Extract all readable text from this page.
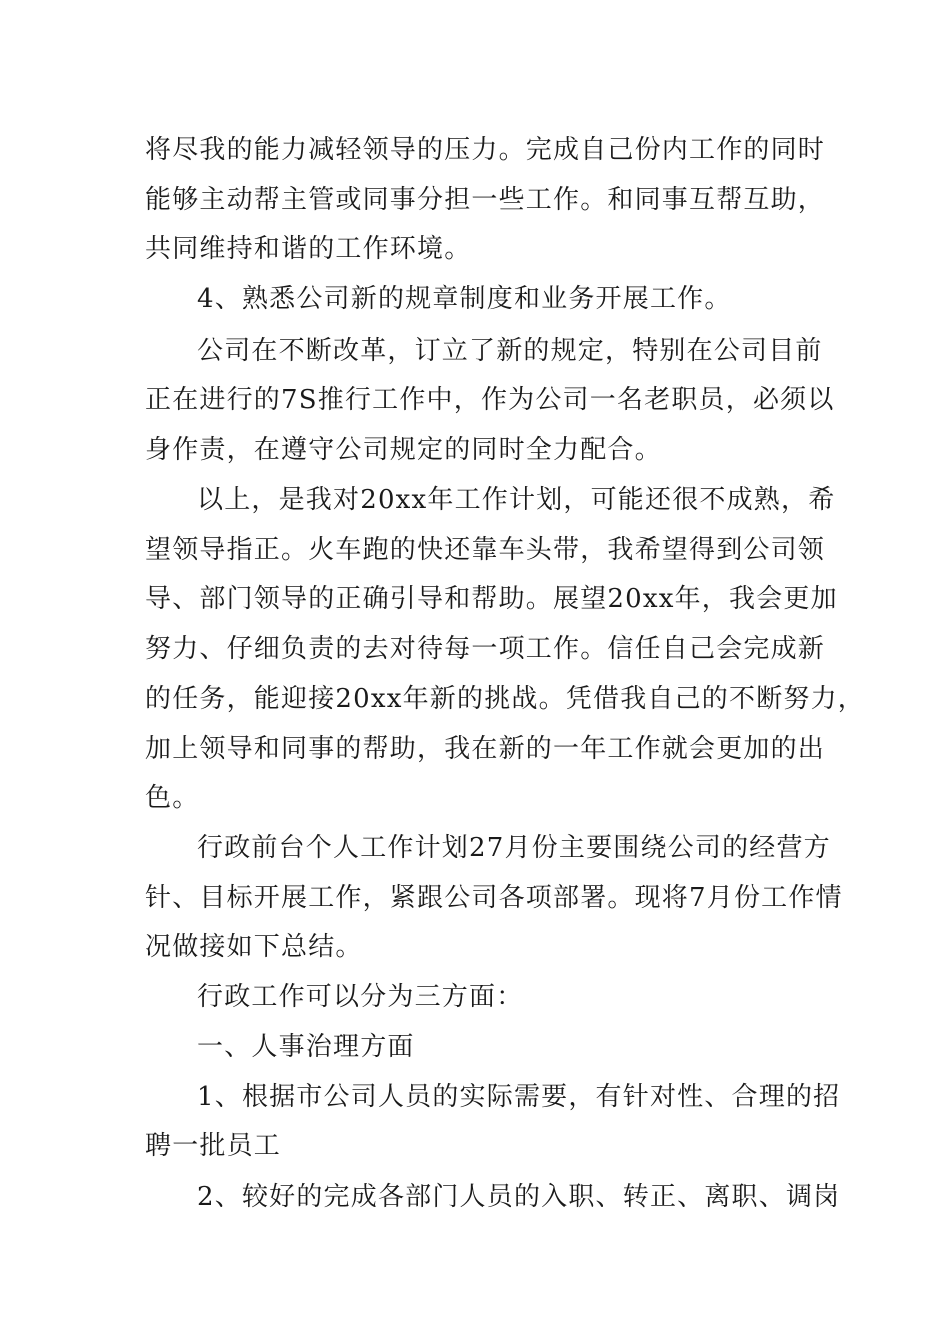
将尽我的能力减轻领导的压力。完成自己份内工作的同时

能够主动帮主管或同事分担一些工作。和同事互帮互助，

共同维持和谐的工作环境。

4、熟悉公司新的规章制度和业务开展工作。

公司在不断改革，订立了新的规定，特别在公司目前

正在进行的7S推行工作中，作为公司一名老职员，必须以

身作责，在遵守公司规定的同时全力配合。

以上，是我对20xx年工作计划，可能还很不成熟，希

望领导指正。火车跑的快还靠车头带，我希望得到公司领

导、部门领导的正确引导和帮助。展望20xx年，我会更加

努力、仔细负责的去对待每一项工作。信任自己会完成新

的任务，能迎接20xx年新的挑战。凭借我自己的不断努力，

加上领导和同事的帮助，我在新的一年工作就会更加的出

色。

行政前台个人工作计划27月份主要围绕公司的经营方

针、目标开展工作，紧跟公司各项部署。现将7月份工作情

况做接如下总结。

行政工作可以分为三方面：

一、人事治理方面

1、根据市公司人员的实际需要，有针对性、合理的招

聘一批员工

2、较好的完成各部门人员的入职、转正、离职、调岗
